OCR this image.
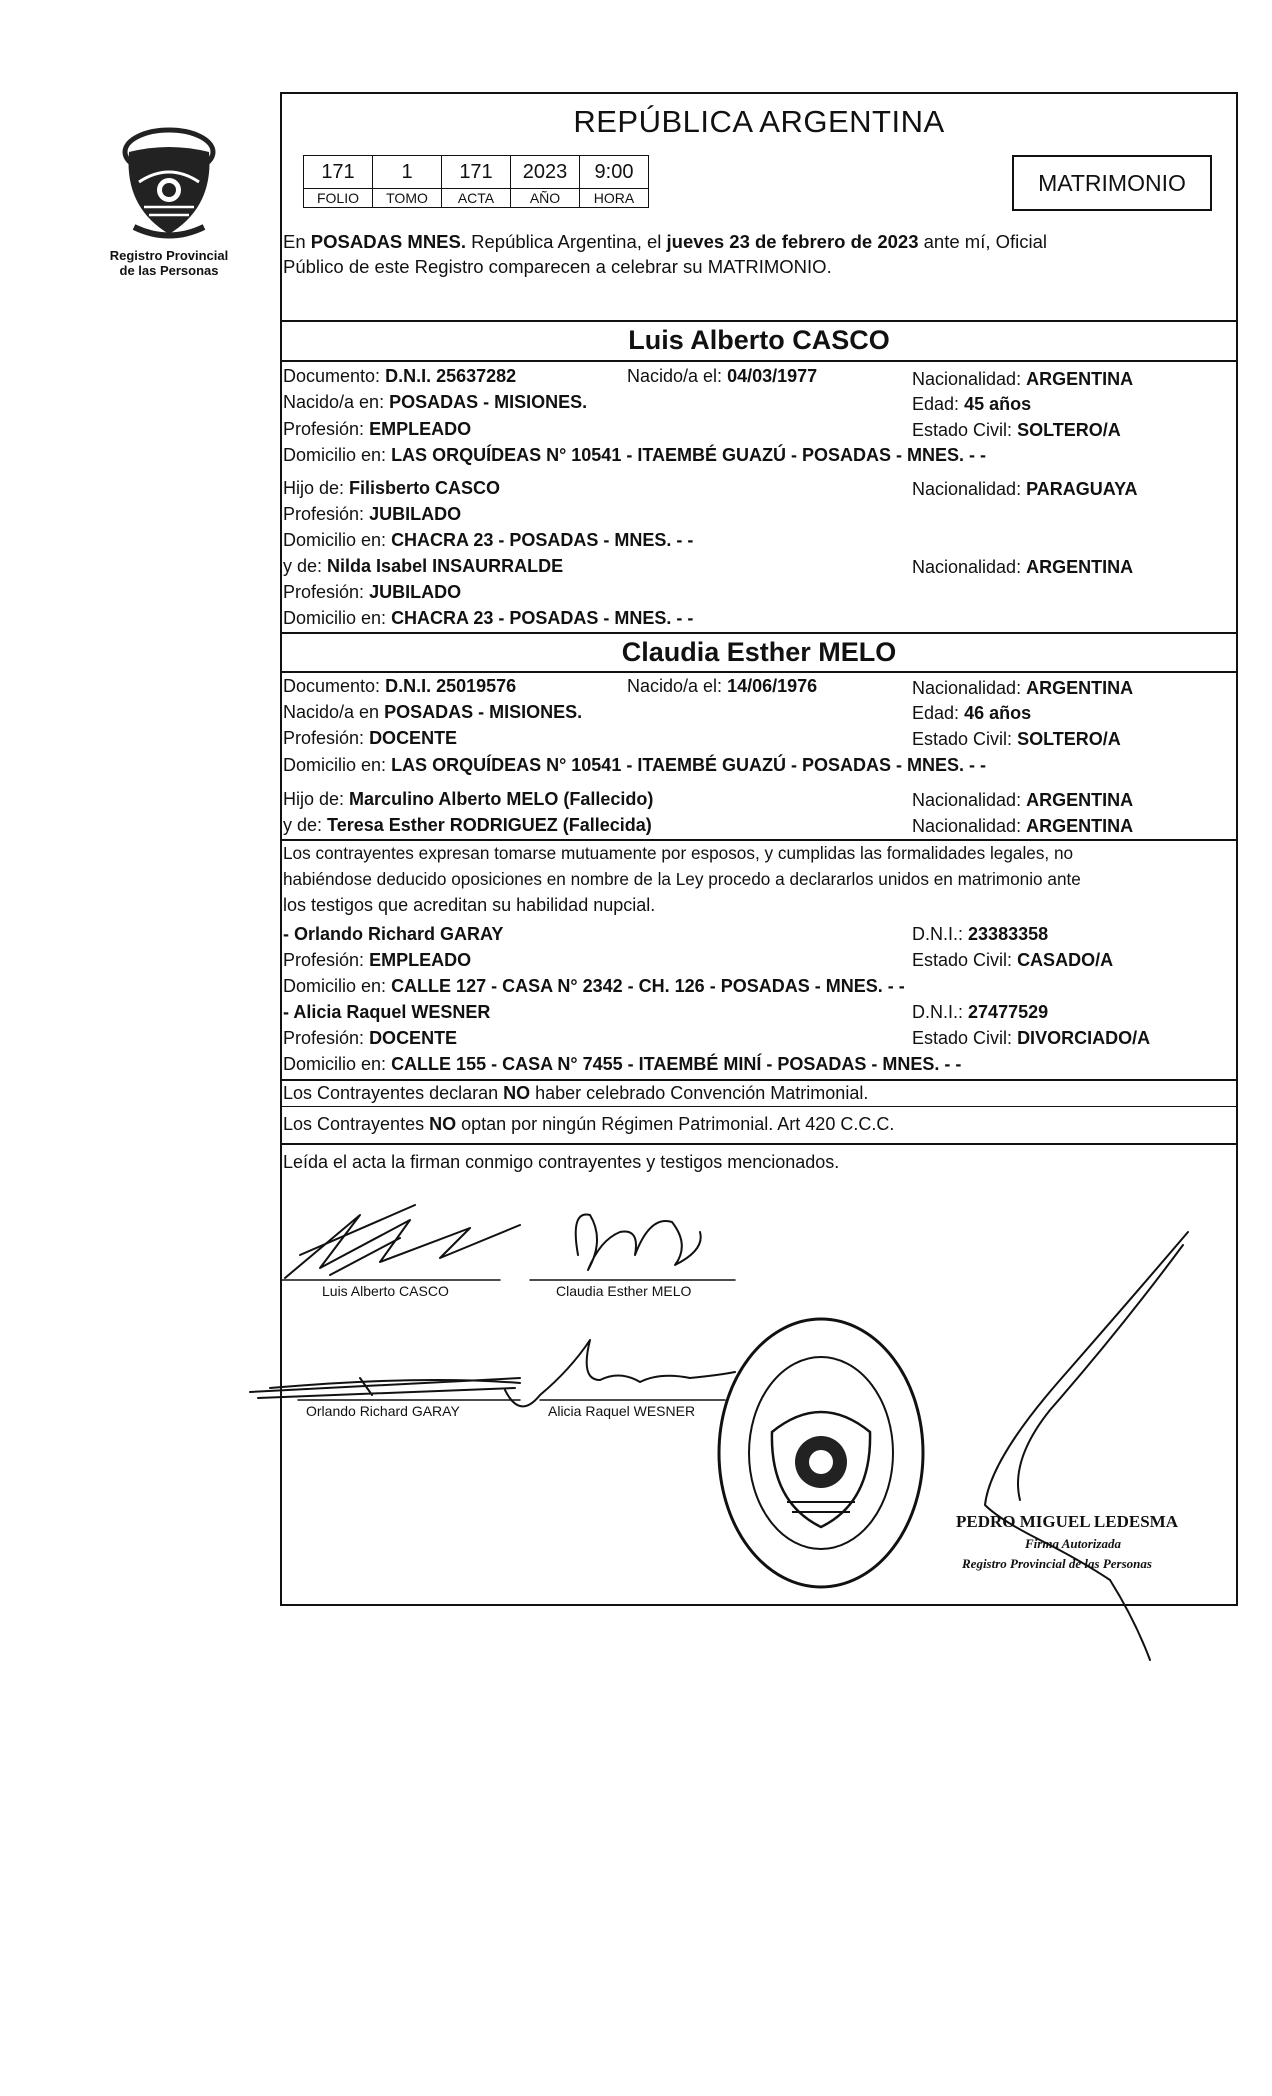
Registro Provincial
de las Personas
REPÚBLICA ARGENTINA
171	1	171	2023	9:00
FOLIO	TOMO	ACTA	AÑO	HORA
MATRIMONIO
En POSADAS MNES. República Argentina, el jueves 23 de febrero de 2023 ante mí, Oficial
Público de este Registro comparecen a celebrar su MATRIMONIO.
Luis Alberto CASCO
Documento: D.N.I. 25637282	Nacido/a el: 04/03/1977	Nacionalidad: ARGENTINA
Nacido/a en: POSADAS - MISIONES.	Edad: 45 años
Profesión: EMPLEADO	Estado Civil: SOLTERO/A
Domicilio en: LAS ORQUÍDEAS N° 10541 - ITAEMBÉ GUAZÚ - POSADAS - MNES. - -
Hijo de: Filisberto CASCO	Nacionalidad: PARAGUAYA
Profesión: JUBILADO
Domicilio en: CHACRA 23 - POSADAS - MNES. - -
y de: Nilda Isabel INSAURRALDE	Nacionalidad: ARGENTINA
Profesión: JUBILADO
Domicilio en: CHACRA 23 - POSADAS - MNES. - -
Claudia Esther MELO
Documento: D.N.I. 25019576	Nacido/a el: 14/06/1976	Nacionalidad: ARGENTINA
Nacido/a en POSADAS - MISIONES.	Edad: 46 años
Profesión: DOCENTE	Estado Civil: SOLTERO/A
Domicilio en: LAS ORQUÍDEAS N° 10541 - ITAEMBÉ GUAZÚ - POSADAS - MNES. - -
Hijo de: Marculino Alberto MELO (Fallecido)	Nacionalidad: ARGENTINA
y de: Teresa Esther RODRIGUEZ (Fallecida)	Nacionalidad: ARGENTINA
Los contrayentes expresan tomarse mutuamente por esposos, y cumplidas las formalidades legales, no
habiéndose deducido oposiciones en nombre de la Ley procedo a declararlos unidos en matrimonio ante
los testigos que acreditan su habilidad nupcial.
- Orlando Richard GARAY	D.N.I.: 23383358
Profesión: EMPLEADO	Estado Civil: CASADO/A
Domicilio en: CALLE 127 - CASA N° 2342 - CH. 126 - POSADAS - MNES. - -
- Alicia Raquel WESNER	D.N.I.: 27477529
Profesión: DOCENTE	Estado Civil: DIVORCIADO/A
Domicilio en: CALLE 155 - CASA N° 7455 - ITAEMBÉ MINÍ - POSADAS - MNES. - -
Los Contrayentes declaran NO haber celebrado Convención Matrimonial.
Los Contrayentes NO optan por ningún Régimen Patrimonial. Art 420 C.C.C.
Leída el acta la firman conmigo contrayentes y testigos mencionados.
Luis Alberto CASCO	Claudia Esther MELO
Orlando Richard GARAY	Alicia Raquel WESNER
PEDRO MIGUEL LEDESMA
Firma Autorizada
Registro Provincial de las Personas
